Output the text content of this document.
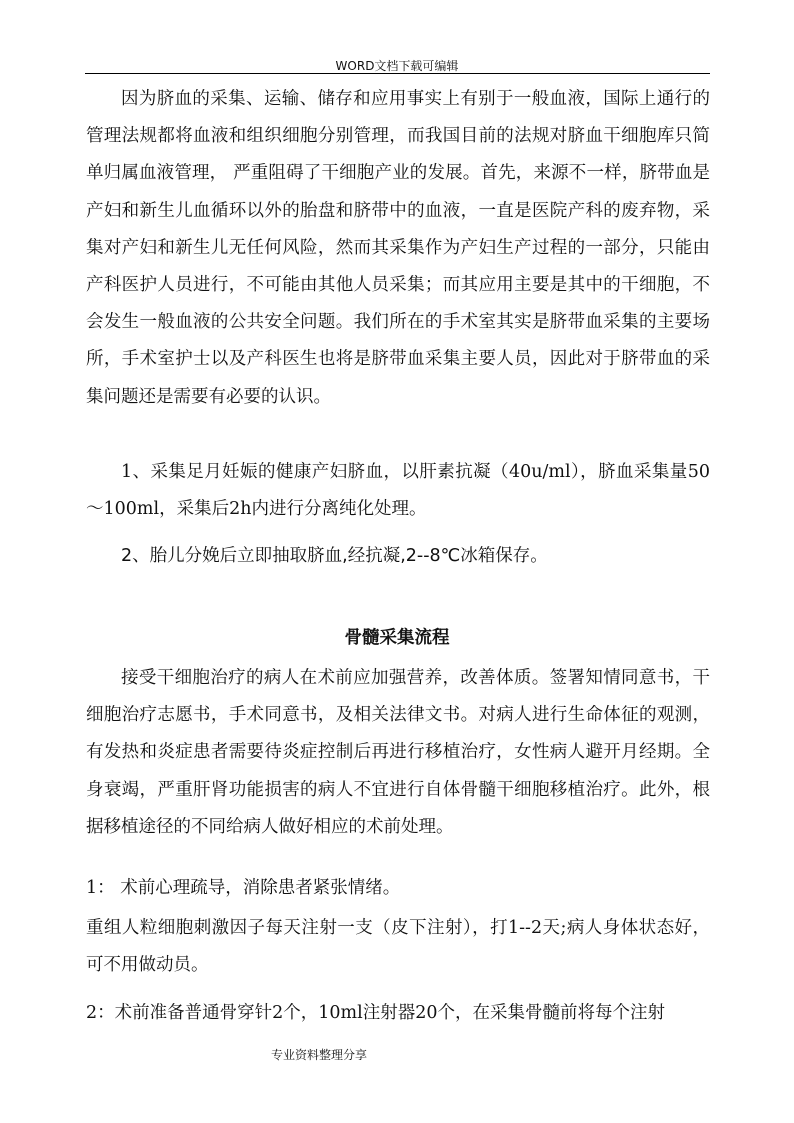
WORD文档下载可编辑

因为脐血的采集、运输、储存和应用事实上有别于一般血液，国际上通行的管理法规都将血液和组织细胞分别管理，而我国目前的法规对脐血干细胞库只简单归属血液管理， 严重阻碍了干细胞产业的发展。首先，来源不一样，脐带血是产妇和新生儿血循环以外的胎盘和脐带中的血液，一直是医院产科的废弃物，采集对产妇和新生儿无任何风险，然而其采集作为产妇生产过程的一部分，只能由产科医护人员进行，不可能由其他人员采集；而其应用主要是其中的干细胞，不会发生一般血液的公共安全问题。我们所在的手术室其实是脐带血采集的主要场所，手术室护士以及产科医生也将是脐带血采集主要人员，因此对于脐带血的采集问题还是需要有必要的认识。

1、采集足月妊娠的健康产妇脐血，以肝素抗凝（40u/ml），脐血采集量50～100ml，采集后2h内进行分离纯化处理。

2、胎儿分娩后立即抽取脐血,经抗凝,2--8℃冰箱保存。

骨髓采集流程

接受干细胞治疗的病人在术前应加强营养，改善体质。签署知情同意书，干细胞治疗志愿书，手术同意书，及相关法律文书。对病人进行生命体征的观测，有发热和炎症患者需要待炎症控制后再进行移植治疗，女性病人避开月经期。全身衰竭，严重肝肾功能损害的病人不宜进行自体骨髓干细胞移植治疗。此外，根据移植途径的不同给病人做好相应的术前处理。

1： 术前心理疏导，消除患者紧张情绪。

重组人粒细胞刺激因子每天注射一支（皮下注射），打1--2天;病人身体状态好，可不用做动员。

2：术前准备普通骨穿针2个，10ml注射器20个，在采集骨髓前将每个注射

专业资料整理分享
